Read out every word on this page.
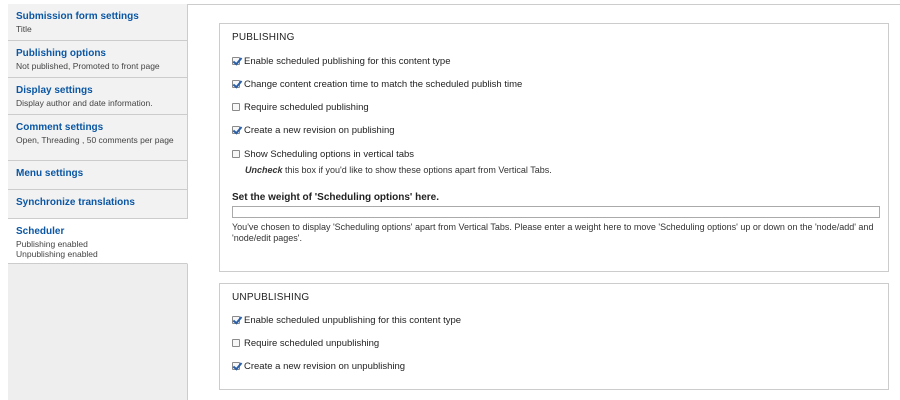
Submission form settings
Title
Publishing options
Not published, Promoted to front page
Display settings
Display author and date information.
Comment settings
Open, Threading , 50 comments per page
Menu settings
Synchronize translations
Scheduler
Publishing enabled
Unpublishing enabled
PUBLISHING
Enable scheduled publishing for this content type
Change content creation time to match the scheduled publish time
Require scheduled publishing
Create a new revision on publishing
Show Scheduling options in vertical tabs
Uncheck this box if you'd like to show these options apart from Vertical Tabs.
Set the weight of 'Scheduling options' here.
You've chosen to display 'Scheduling options' apart from Vertical Tabs. Please enter a weight here to move 'Scheduling options' up or down on the 'node/add' and 'node/edit pages'.
UNPUBLISHING
Enable scheduled unpublishing for this content type
Require scheduled unpublishing
Create a new revision on unpublishing
